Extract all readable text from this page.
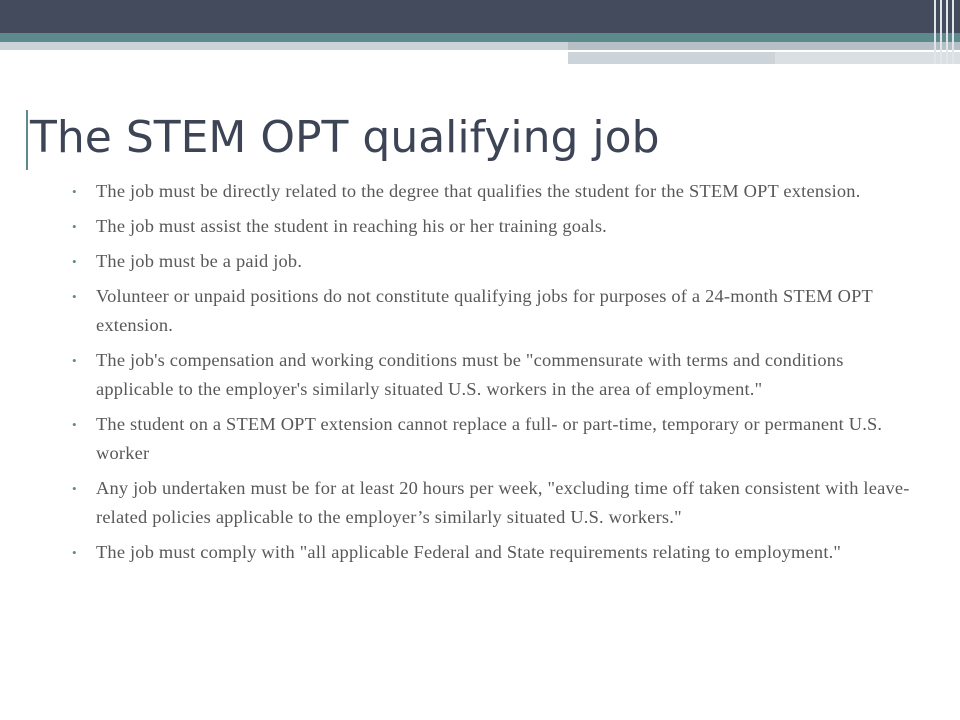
The STEM OPT qualifying job
• The job must be directly related to the degree that qualifies the student for the STEM OPT extension.
• The job must assist the student in reaching his or her training goals.
• The job must be a paid job.
• Volunteer or unpaid positions do not constitute qualifying jobs for purposes of a 24-month STEM OPT extension.
• The job's compensation and working conditions must be "commensurate with terms and conditions applicable to the employer's similarly situated U.S. workers in the area of employment."
• The student on a STEM OPT extension cannot replace a full- or part-time, temporary or permanent U.S. worker
• Any job undertaken must be for at least 20 hours per week, "excluding time off taken consistent with leave-related policies applicable to the employer’s similarly situated U.S. workers."
• The job must comply with "all applicable Federal and State requirements relating to employment."
